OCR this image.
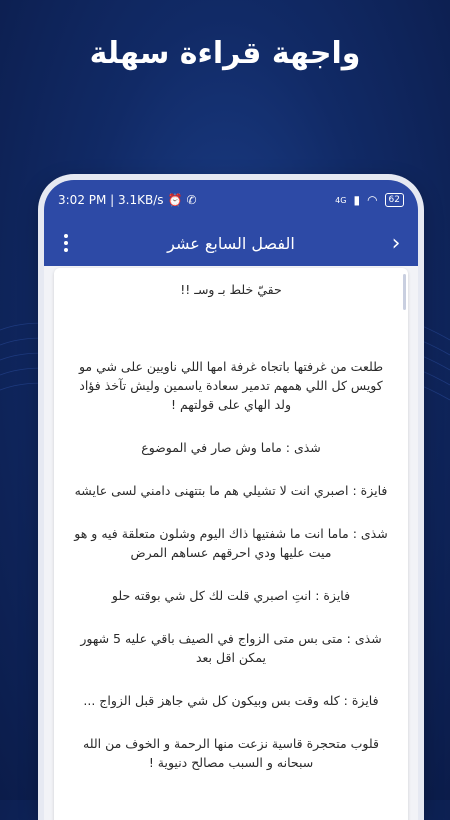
واجهة قراءة سهلة
3:02 PM | 3.1KB/s ⏰ ✆	4G ▮ ◠	62
الفصل السابع عشر	›

حقيّ خلط بـ ﻭسـ !!

طلعت من غرفتها باتجاه غرفة امها اللي ناويين على شي مو كويس كل اللي همهم تدمير سعادة ياسمين وليش تآخذ فؤاد ولد الهاي على قولتهم !

شذى : ماما وش صار في الموضوع

فايزة : اصبري انت لا تشيلي هم ما بتتهنى دامني لسى عايشه

شذى : ماما انت ما شفتيها ذاك اليوم وشلون متعلقة فيه و هو ميت عليها ودي احرقهم عساهم المرض

فايزة : انتِ اصبري قلت لك كل شي بوقته حلو

شذى : متى بس متى الزواج في الصيف باقي عليه 5 شهور يمكن اقل بعد

فايزة : كله وقت بس وبيكون كل شي جاهز قبل الزواج ...

قلوب متحجرة قاسية نزعت منها الرحمة و الخوف من الله سبحانه و السبب مصالح دنيوية !
